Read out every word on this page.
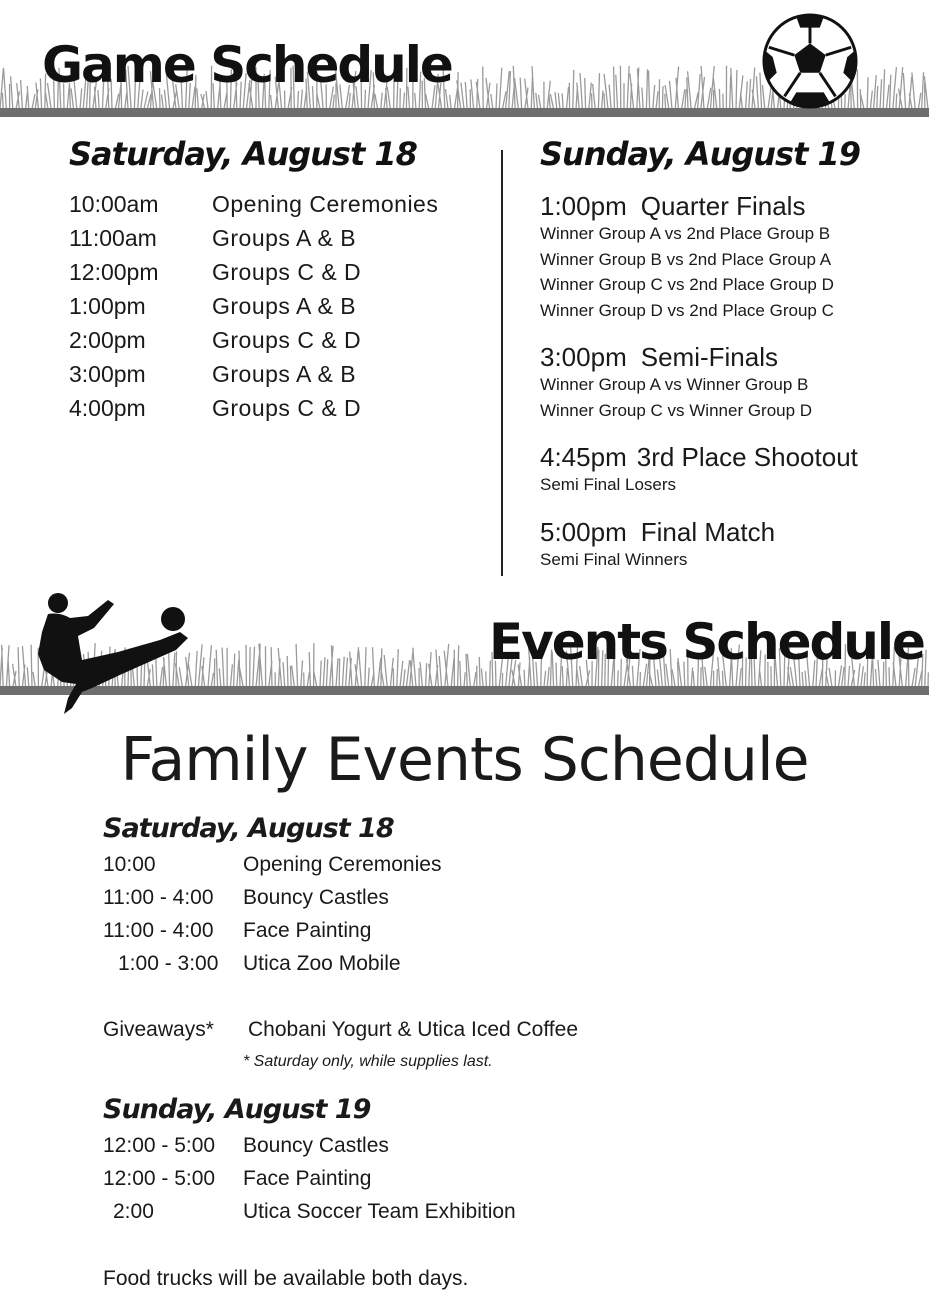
Game Schedule
Saturday, August 18
10:00am Opening Ceremonies
11:00am Groups A & B
12:00pm Groups C & D
1:00pm	Groups A & B
2:00pm	Groups C & D
3:00pm	Groups A & B
4:00pm	Groups C & D
Sunday, August 19
1:00pm Quarter Finals
Winner Group A vs 2nd Place Group B
Winner Group B vs 2nd Place Group A
Winner Group C vs 2nd Place Group D
Winner Group D vs 2nd Place Group C
3:00pm Semi-Finals
Winner Group A vs Winner Group B
Winner Group C vs Winner Group D
4:45pm 3rd Place Shootout
Semi Final Losers
5:00pm Final Match
Semi Final Winners
Events Schedule
Family Events Schedule
Saturday, August 18
10:00	Opening Ceremonies
11:00 - 4:00 Bouncy Castles
11:00 - 4:00 Face Painting
1:00 - 3:00 Utica Zoo Mobile
Giveaways* Chobani Yogurt & Utica Iced Coffee
* Saturday only, while supplies last.
Sunday, August 19
12:00 - 5:00 Bouncy Castles
12:00 - 5:00 Face Painting
2:00	Utica Soccer Team Exhibition
Food trucks will be available both days.
